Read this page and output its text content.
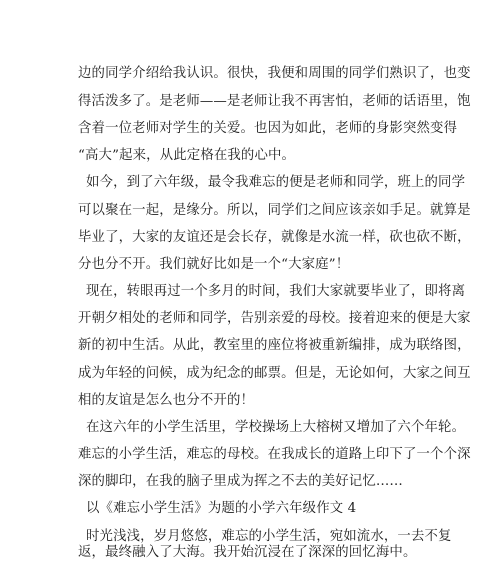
边的同学介绍给我认识。很快，我便和周围的同学们熟识了，也变
得活泼多了。是老师——是老师让我不再害怕，老师的话语里，饱
含着一位老师对学生的关爱。也因为如此，老师的身影突然变得
“高大”起来，从此定格在我的心中。
如今，到了六年级，最令我难忘的便是老师和同学，班上的同学
可以聚在一起，是缘分。所以，同学们之间应该亲如手足。就算是
毕业了，大家的友谊还是会长存，就像是水流一样，砍也砍不断，
分也分不开。我们就好比如是一个“大家庭”！
现在，转眼再过一个多月的时间，我们大家就要毕业了，即将离
开朝夕相处的老师和同学，告别亲爱的母校。接着迎来的便是大家
新的初中生活。从此，教室里的座位将被重新编排，成为联络图，
成为年轻的问候，成为纪念的邮票。但是，无论如何，大家之间互
相的友谊是怎么也分不开的！
在这六年的小学生活里，学校操场上大榕树又增加了六个年轮。
难忘的小学生活，难忘的母校。在我成长的道路上印下了一个个深
深的脚印，在我的脑子里成为挥之不去的美好记忆……
以《难忘小学生活》为题的小学六年级作文 4
时光浅浅，岁月悠悠，难忘的小学生活，宛如流水，一去不复
返，最终融入了大海。我开始沉浸在了深深的回忆海中。
